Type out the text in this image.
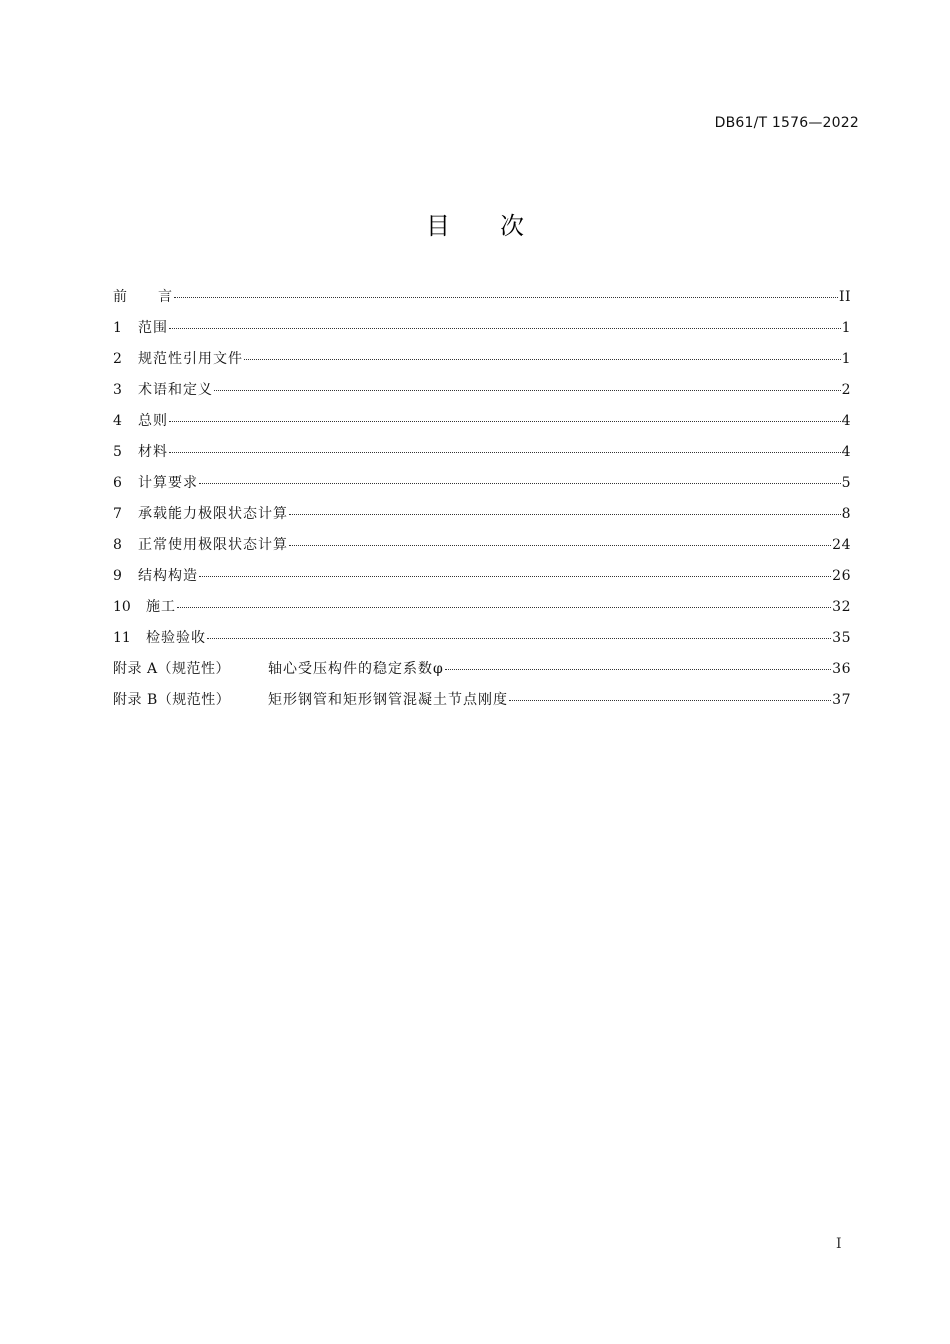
DB61/T 1576—2022
目 次
前　　言	II
1	范围	1
2	规范性引用文件	1
3	术语和定义	2
4	总则	4
5	材料	4
6	计算要求	5
7	承载能力极限状态计算	8
8	正常使用极限状态计算	24
9	结构构造	26
10	施工	32
11	检验验收	35
附录 A（规范性）	轴心受压构件的稳定系数φ	36
附录 B（规范性）	矩形钢管和矩形钢管混凝土节点刚度	37
I
